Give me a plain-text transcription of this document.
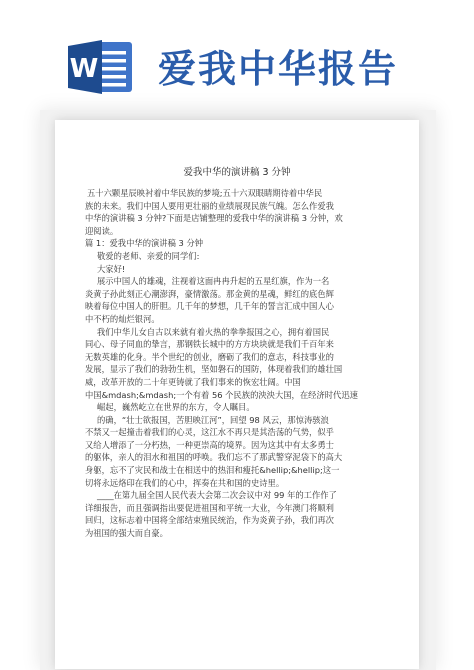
W 爱我中华报告
爱我中华的演讲稿 3 分钟
五十六颗星辰映衬着中华民族的梦境;五十六双眼睛期待着中华民
族的未来。我们中国人要用更壮丽的业绩展现民族气魄。怎么作爱我
中华的演讲稿 3 分钟?下面是店铺整理的爱我中华的演讲稿 3 分钟，欢
迎阅读。
篇 1：爱我中华的演讲稿 3 分钟
敬爱的老师、亲爱的同学们:
大家好!
展示中国人的雄魂，注视着这面冉冉升起的五星红旗，作为一名
炎黄子孙此刻正心潮澎湃，豪情激荡。那金黄的星魂，鲜红的底色辉
映着每位中国人的肝胆。几千年的梦想，几千年的誓言汇成中国人心
中不朽的灿烂银河。
我们中华儿女自古以来就有着火热的拳拳报国之心，拥有着国民
同心、母子同血的挚言，那钢铁长城中的方方块块就是我们千百年来
无数英雄的化身。半个世纪的创业，磨砺了我们的意志，科技事业的
发展，显示了我们的勃勃生机，坚如磐石的国防，体现着我们的雄壮国
威，改革开放的二十年更铸就了我们事来的恢宏壮阔。中国
中国&mdash;&mdash;一个有着 56 个民族的泱泱大国，在经济时代迅速
崛起，巍然屹立在世界的东方，令人瞩目。
的确，“壮士欲报国，苦胆映江河”，回望 98 风云，那惊涛骇浪
不禁又一起撞击着我们的心灵，这江水不再只是其浩荡的气势，似乎
又给人增添了一分朽热，一种更崇高的境界。因为这其中有太多勇士
的躯体，亲人的泪水和祖国的呼唤。我们忘不了那武警穿泥袋下的高大
身躯，忘不了灾民和战士在相送中的热泪和瘦托&hellip;&hellip;这一
切将永远烙印在我们的心中，挥奏在共和国的史诗里。
____在第九届全国人民代表大会第二次会议中对 99 年的工作作了
详细报告，而且强调指出要促进祖国和平统一大业，今年澳门将顺利
回归，这标志着中国将全部结束殖民统治，作为炎黄子孙，我们再次
为祖国的强大而自豪。
